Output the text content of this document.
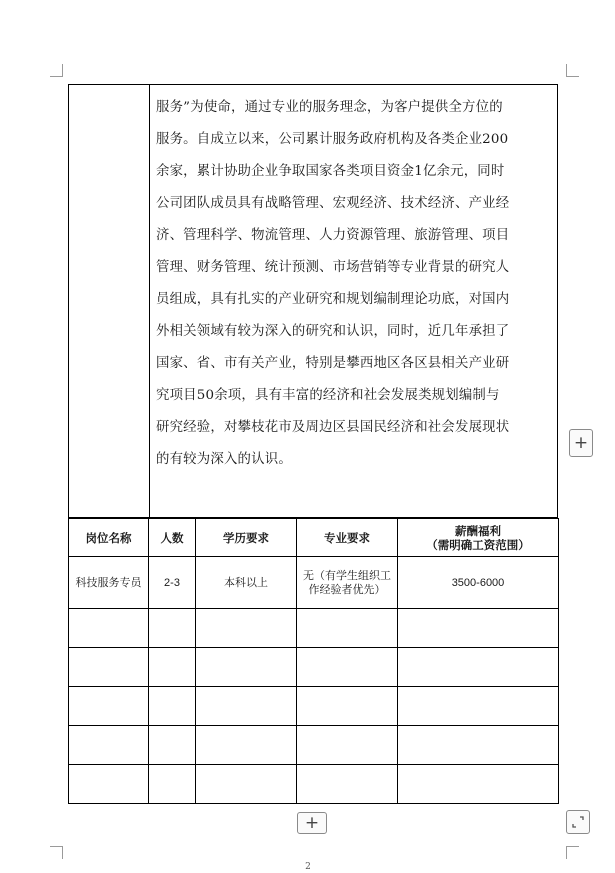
服务”为使命，通过专业的服务理念，为客户提供全方位的
服务。自成立以来，公司累计服务政府机构及各类企业200
余家，累计协助企业争取国家各类项目资金1亿余元，同时
公司团队成员具有战略管理、宏观经济、技术经济、产业经
济、管理科学、物流管理、人力资源管理、旅游管理、项目
管理、财务管理、统计预测、市场营销等专业背景的研究人
员组成，具有扎实的产业研究和规划编制理论功底，对国内
外相关领域有较为深入的研究和认识，同时，近几年承担了
国家、省、市有关产业，特别是攀西地区各区县相关产业研
究项目50余项，具有丰富的经济和社会发展类规划编制与
研究经验，对攀枝花市及周边区县国民经济和社会发展现状
的有较为深入的认识。
岗位名称	人数	学历要求	专业要求	薪酬福利
（需明确工资范围）

科技服务专员	2-3	本科以上	无（有学生组织工作经验者优先）	3500-6000

+
+
2
